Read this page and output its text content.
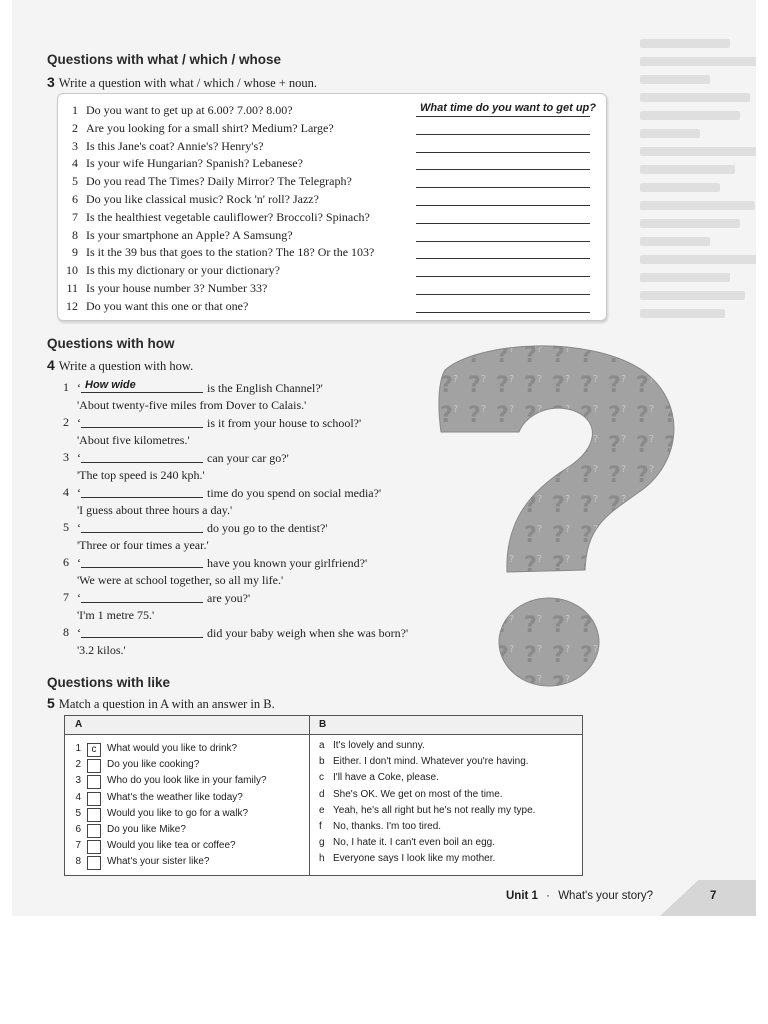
Questions with what / which / whose
3 Write a question with what / which / whose + noun.
1 Do you want to get up at 6.00? 7.00? 8.00?	What time do you want to get up?
2 Are you looking for a small shirt? Medium? Large?
3 Is this Jane's coat? Annie's? Henry's?
4 Is your wife Hungarian? Spanish? Lebanese?
5 Do you read The Times? Daily Mirror? The Telegraph?
6 Do you like classical music? Rock 'n' roll? Jazz?
7 Is the healthiest vegetable cauliflower? Broccoli? Spinach?
8 Is your smartphone an Apple? A Samsung?
9 Is it the 39 bus that goes to the station? The 18? Or the 103?
10 Is this my dictionary or your dictionary?
11 Is your house number 3? Number 33?
12 Do you want this one or that one?
Questions with how
4 Write a question with how.
1 ‘ How wide	is the English Channel?'
'About twenty-five miles from Dover to Calais.'
2 ‘	is it from your house to school?'
'About five kilometres.'
3 ‘	can your car go?'
'The top speed is 240 kph.'
4 ‘	time do you spend on social media?'
'I guess about three hours a day.'
5 ‘	do you go to the dentist?'
'Three or four times a year.'
6 ‘	have you known your girlfriend?'
'We were at school together, so all my life.'
7 ‘	are you?'
'I'm 1 metre 75.'
8 ‘	did your baby weigh when she was born?'
'3.2 kilos.'
Questions with like
5 Match a question in A with an answer in B.
A	B
1	c	What would you like to drink?
2	Do you like cooking?
3	Who do you look like in your family?
4	What's the weather like today?
5	Would you like to go for a walk?
6	Do you like Mike?
7	Would you like tea or coffee?
8	What's your sister like?
a It's lovely and sunny.
b Either. I don't mind. Whatever you're having.
c I'll have a Coke, please.
d She's OK. We get on most of the time.
e Yeah, he's all right but he's not really my type.
f No, thanks. I'm too tired.
g No, I hate it. I can't even boil an egg.
h Everyone says I look like my mother.
Unit 1 · What's your story?	7
